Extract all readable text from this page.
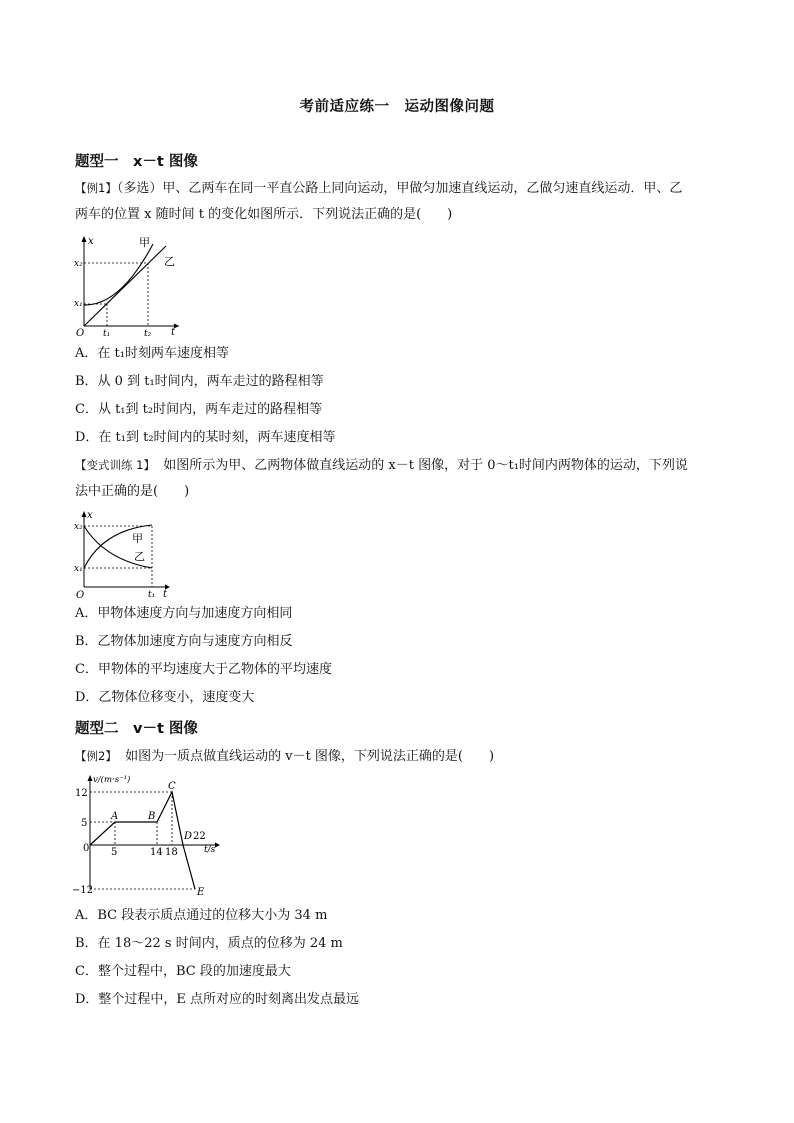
考前适应练一　运动图像问题
题型一　x－t 图像
【例1】（多选）甲、乙两车在同一平直公路上同向运动，甲做匀加速直线运动，乙做匀速直线运动．甲、乙
两车的位置 x 随时间 t 的变化如图所示．下列说法正确的是(　　)
x
t
O
x₂
x₁
t₁	t₂
甲
乙
A．在 t₁时刻两车速度相等
B．从 0 到 t₁时间内，两车走过的路程相等
C．从 t₁到 t₂时间内，两车走过的路程相等
D．在 t₁到 t₂时间内的某时刻，两车速度相等
【变式训练 1】 如图所示为甲、乙两物体做直线运动的 x－t 图像，对于 0～t₁时间内两物体的运动，下列说
法中正确的是(　　)
x
t
O
x₂
x₁
t₁
甲
乙
A．甲物体速度方向与加速度方向相同
B．乙物体加速度方向与速度方向相反
C．甲物体的平均速度大于乙物体的平均速度
D．乙物体位移变小，速度变大
题型二　v－t 图像
【例2】 如图为一质点做直线运动的 v－t 图像，下列说法正确的是(　　)
v/(m·s⁻¹)
t/s
12
5
0
−12
5	14 18
22
A	B
C
D
E
A．BC 段表示质点通过的位移大小为 34 m
B．在 18～22 s 时间内，质点的位移为 24 m
C．整个过程中，BC 段的加速度最大
D．整个过程中，E 点所对应的时刻离出发点最远
